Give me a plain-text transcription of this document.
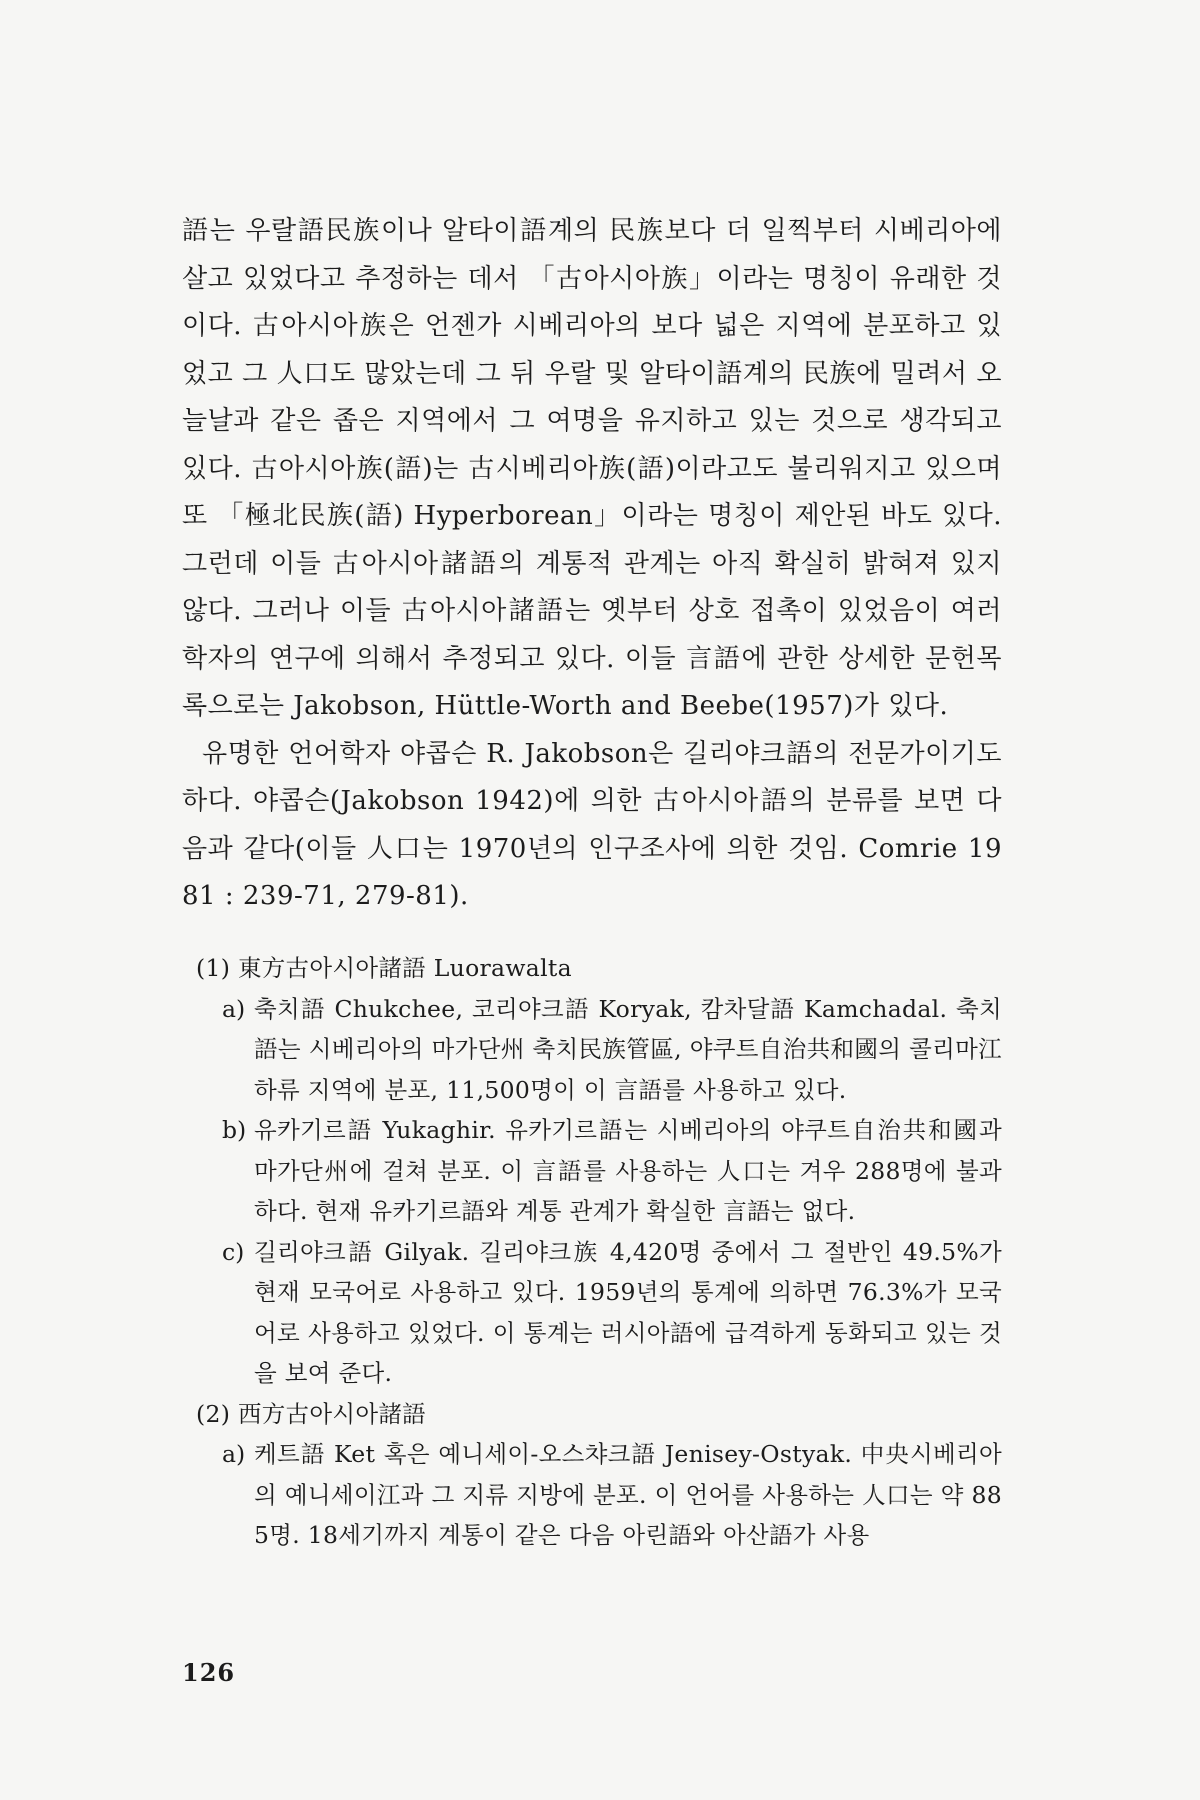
語는 우랄語民族이나 알타이語계의 民族보다 더 일찍부터 시베리아에 살고 있었다고 추정하는 데서 「古아시아族」이라는 명칭이 유래한 것이다. 古아시아族은 언젠가 시베리아의 보다 넓은 지역에 분포하고 있었고 그 人口도 많았는데 그 뒤 우랄 및 알타이語계의 民族에 밀려서 오늘날과 같은 좁은 지역에서 그 여명을 유지하고 있는 것으로 생각되고 있다. 古아시아族(語)는 古시베리아族(語)이라고도 불리워지고 있으며 또 「極北民族(語) Hyperborean」이라는 명칭이 제안된 바도 있다. 그런데 이들 古아시아諸語의 계통적 관계는 아직 확실히 밝혀져 있지 않다. 그러나 이들 古아시아諸語는 옛부터 상호 접촉이 있었음이 여러 학자의 연구에 의해서 추정되고 있다. 이들 言語에 관한 상세한 문헌목록으로는 Jakobson, Hüttle-Worth and Beebe(1957)가 있다.

유명한 언어학자 야콥슨 R. Jakobson은 길리야크語의 전문가이기도 하다. 야콥슨(Jakobson 1942)에 의한 古아시아語의 분류를 보면 다음과 같다(이들 人口는 1970년의 인구조사에 의한 것임. Comrie 1981 : 239-71, 279-81).

(1) 東方古아시아諸語 Luorawalta

a) 축치語 Chukchee, 코리야크語 Koryak, 캄차달語 Kamchadal. 축치語는 시베리아의 마가단州 축치民族管區, 야쿠트自治共和國의 콜리마江 하류 지역에 분포, 11,500명이 이 言語를 사용하고 있다.
b) 유카기르語 Yukaghir. 유카기르語는 시베리아의 야쿠트自治共和國과 마가단州에 걸쳐 분포. 이 言語를 사용하는 人口는 겨우 288명에 불과하다. 현재 유카기르語와 계통 관계가 확실한 言語는 없다.
c) 길리야크語 Gilyak. 길리야크族 4,420명 중에서 그 절반인 49.5%가 현재 모국어로 사용하고 있다. 1959년의 통계에 의하면 76.3%가 모국어로 사용하고 있었다. 이 통계는 러시아語에 급격하게 동화되고 있는 것을 보여 준다.

(2) 西方古아시아諸語

a) 케트語 Ket 혹은 예니세이-오스챠크語 Jenisey-Ostyak. 中央시베리아의 예니세이江과 그 지류 지방에 분포. 이 언어를 사용하는 人口는 약 885명. 18세기까지 계통이 같은 다음 아린語와 아산語가 사용
126
